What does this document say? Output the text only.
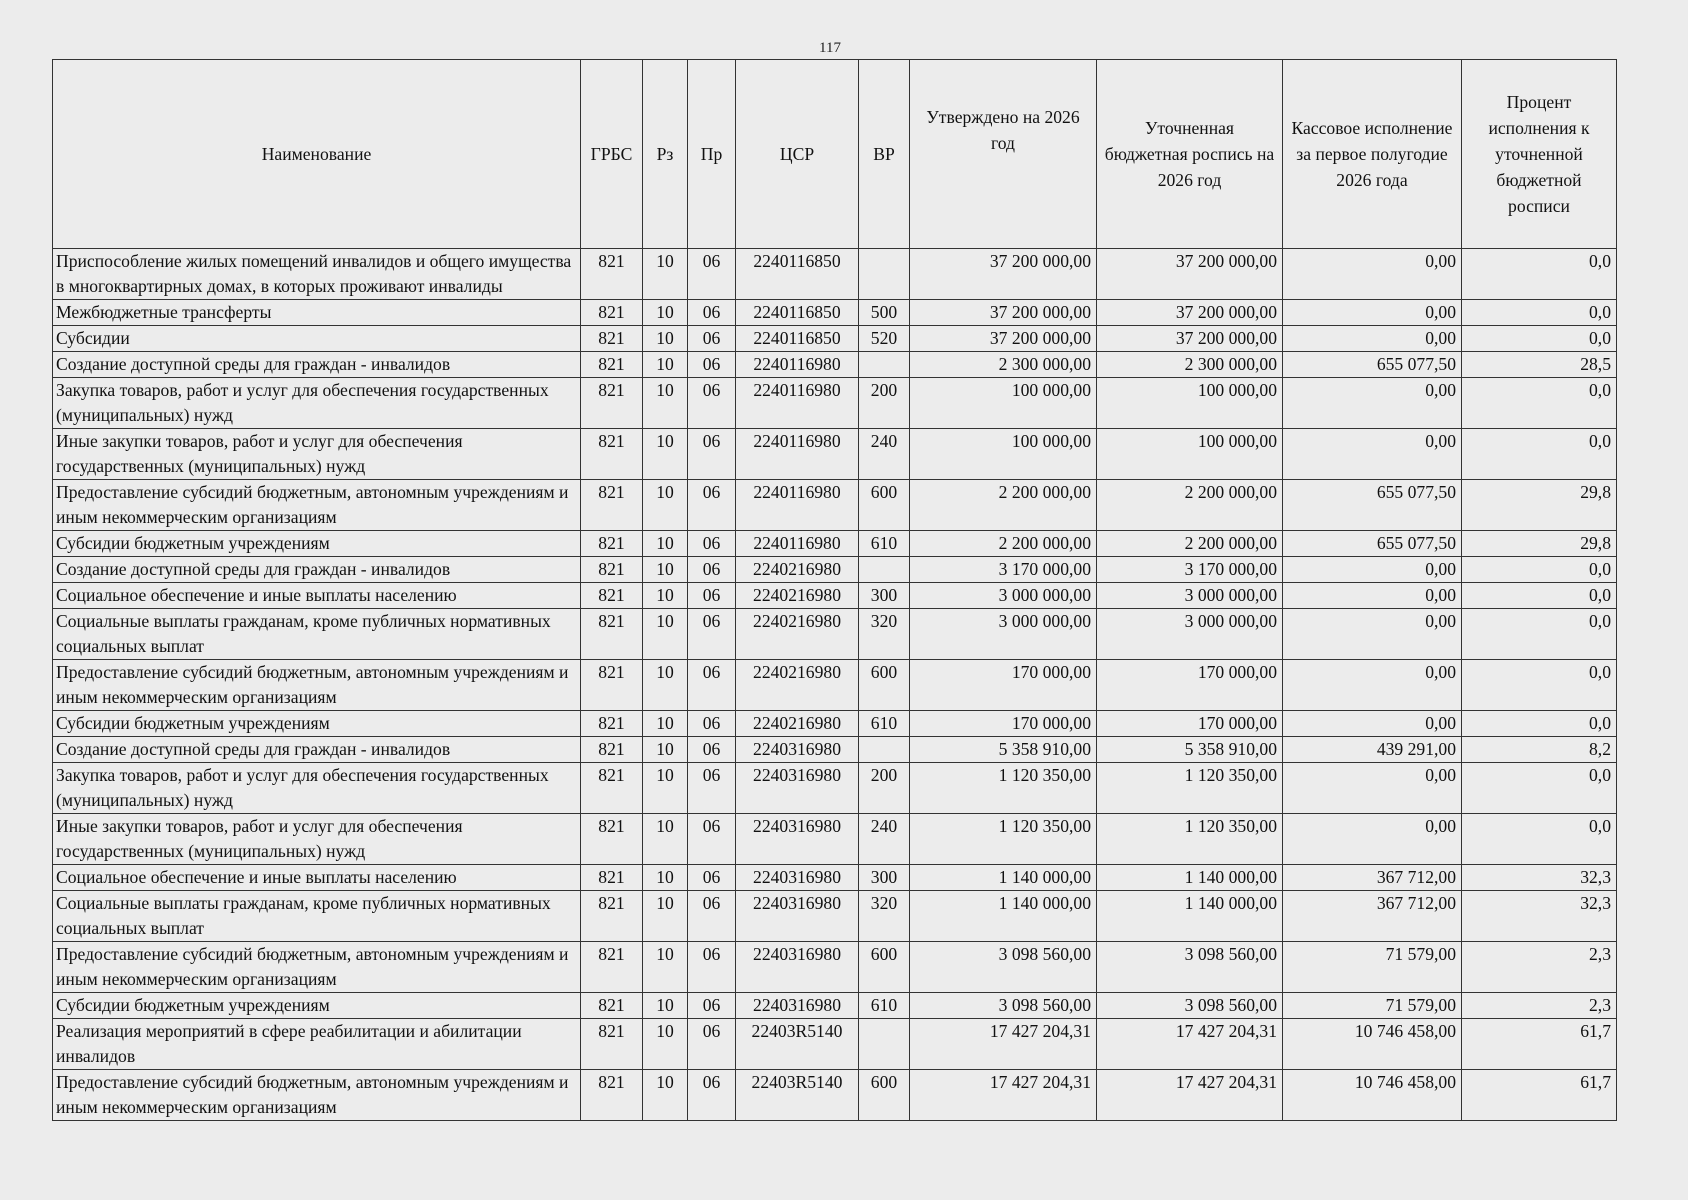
117
Наименование	ГРБС	Рз	Пр	ЦСР	ВР	Утверждено на 2026 год	Уточненная бюджетная роспись на 2026 год	Кассовое исполнение за первое полугодие 2026 года	Процент исполнения к уточненной бюджетной росписи
Приспособление жилых помещений инвалидов и общего имущества в многоквартирных домах, в которых проживают инвалиды	821	10	06	2240116850		37 200 000,00	37 200 000,00	0,00	0,0
Межбюджетные трансферты	821	10	06	2240116850	500	37 200 000,00	37 200 000,00	0,00	0,0
Субсидии	821	10	06	2240116850	520	37 200 000,00	37 200 000,00	0,00	0,0
Создание доступной среды для граждан - инвалидов	821	10	06	2240116980		2 300 000,00	2 300 000,00	655 077,50	28,5
Закупка товаров, работ и услуг для обеспечения государственных (муниципальных) нужд	821	10	06	2240116980	200	100 000,00	100 000,00	0,00	0,0
Иные закупки товаров, работ и услуг для обеспечения государственных (муниципальных) нужд	821	10	06	2240116980	240	100 000,00	100 000,00	0,00	0,0
Предоставление субсидий бюджетным, автономным учреждениям и иным некоммерческим организациям	821	10	06	2240116980	600	2 200 000,00	2 200 000,00	655 077,50	29,8
Субсидии бюджетным учреждениям	821	10	06	2240116980	610	2 200 000,00	2 200 000,00	655 077,50	29,8
Создание доступной среды для граждан - инвалидов	821	10	06	2240216980		3 170 000,00	3 170 000,00	0,00	0,0
Социальное обеспечение и иные выплаты населению	821	10	06	2240216980	300	3 000 000,00	3 000 000,00	0,00	0,0
Социальные выплаты гражданам, кроме публичных нормативных социальных выплат	821	10	06	2240216980	320	3 000 000,00	3 000 000,00	0,00	0,0
Предоставление субсидий бюджетным, автономным учреждениям и иным некоммерческим организациям	821	10	06	2240216980	600	170 000,00	170 000,00	0,00	0,0
Субсидии бюджетным учреждениям	821	10	06	2240216980	610	170 000,00	170 000,00	0,00	0,0
Создание доступной среды для граждан - инвалидов	821	10	06	2240316980		5 358 910,00	5 358 910,00	439 291,00	8,2
Закупка товаров, работ и услуг для обеспечения государственных (муниципальных) нужд	821	10	06	2240316980	200	1 120 350,00	1 120 350,00	0,00	0,0
Иные закупки товаров, работ и услуг для обеспечения государственных (муниципальных) нужд	821	10	06	2240316980	240	1 120 350,00	1 120 350,00	0,00	0,0
Социальное обеспечение и иные выплаты населению	821	10	06	2240316980	300	1 140 000,00	1 140 000,00	367 712,00	32,3
Социальные выплаты гражданам, кроме публичных нормативных социальных выплат	821	10	06	2240316980	320	1 140 000,00	1 140 000,00	367 712,00	32,3
Предоставление субсидий бюджетным, автономным учреждениям и иным некоммерческим организациям	821	10	06	2240316980	600	3 098 560,00	3 098 560,00	71 579,00	2,3
Субсидии бюджетным учреждениям	821	10	06	2240316980	610	3 098 560,00	3 098 560,00	71 579,00	2,3
Реализация мероприятий в сфере реабилитации и абилитации инвалидов	821	10	06	22403R5140		17 427 204,31	17 427 204,31	10 746 458,00	61,7
Предоставление субсидий бюджетным, автономным учреждениям и иным некоммерческим организациям	821	10	06	22403R5140	600	17 427 204,31	17 427 204,31	10 746 458,00	61,7
